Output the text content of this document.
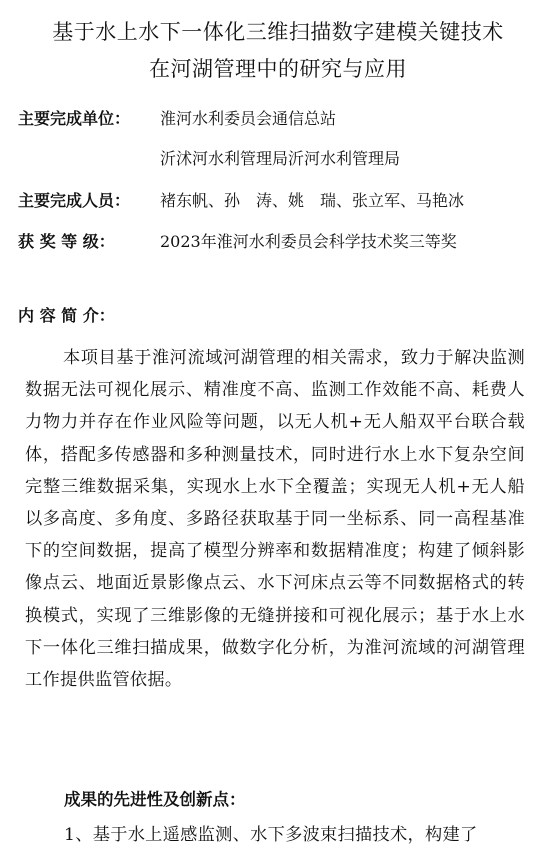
基于水上水下一体化三维扫描数字建模关键技术
在河湖管理中的研究与应用
主要完成单位： 淮河水利委员会通信总站
沂沭河水利管理局沂河水利管理局
主要完成人员： 褚东帆、孙　涛、姚　瑞、张立军、马艳冰
获 奖 等 级：	2023年淮河水利委员会科学技术奖三等奖
内 容 简 介：
本项目基于淮河流域河湖管理的相关需求，致力于解决监测数据无法可视化展示、精准度不高、监测工作效能不高、耗费人力物力并存在作业风险等问题，以无人机+无人船双平台联合载体，搭配多传感器和多种测量技术，同时进行水上水下复杂空间完整三维数据采集，实现水上水下全覆盖；实现无人机+无人船以多高度、多角度、多路径获取基于同一坐标系、同一高程基准下的空间数据，提高了模型分辨率和数据精准度；构建了倾斜影像点云、地面近景影像点云、水下河床点云等不同数据格式的转换模式，实现了三维影像的无缝拼接和可视化展示；基于水上水下一体化三维扫描成果，做数字化分析，为淮河流域的河湖管理工作提供监管依据。
成果的先进性及创新点：
1、基于水上遥感监测、水下多波束扫描技术，构建了
